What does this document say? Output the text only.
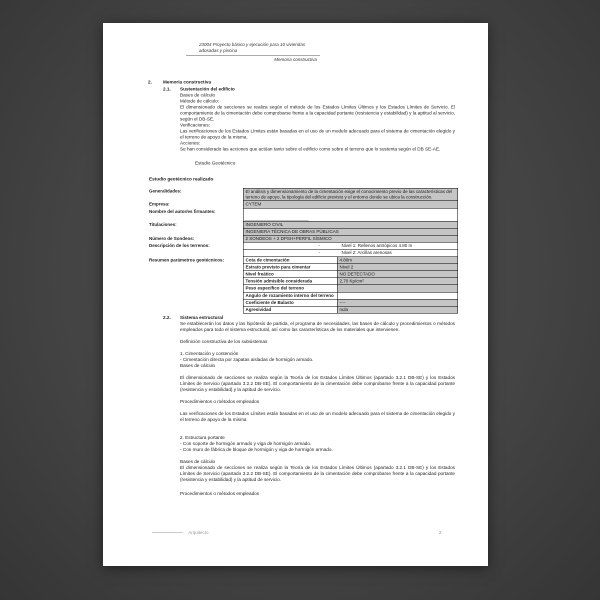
23004 Proyecto básico y ejecución para 10 viviendas adosadas y piscina
Memoria constructiva
2.	Memoria constructiva
2.1. Sustentación del edificio
Bases de cálculo
Método de cálculo:

El dimensionado de secciones se realiza según el método de los Estados Límites Últimos y los Estados Límites de Servicio. El comportamiento de la cimentación debe comprobarse frente a la capacidad portante (resistencia y estabilidad) y la aptitud al servicio, según el DB-SE.

Verificaciones:

Las verificaciones de los Estados Límites están basadas en el uso de un modelo adecuado para el sistema de cimentación elegido y el terreno de apoyo de la misma.

Acciones:

Se han considerado las acciones que actúan tanto sobre el edificio como sobre el terreno que lo sustenta según el DB SE-AE.

Estudio Geotécnico
Estudio geotécnico realizado
Generalidades:	El análisis y dimensionamiento de la cimentación exige el conocimiento previo de las características del terreno de apoyo, la tipología del edificio previsto y el entorno donde se ubica la construcción.
Empresa:	CYTEM
Nombre del autor/es firmantes:
Titulaciones:	INGENIERO CIVIL
INGENIERA TÉCNICA DE OBRAS PÚBLICAS
Número de Sondeos:	2 SONDEOS + 2 DPSH+PERFIL SÍSMICO
Descripción de los terrenos:	-	Nivel 1: Rellenos antrópicos 4.80 m
-	Nivel 2: Arcillas arenosas
Resumen parámetros geotécnicos:	Cota de cimentación	4.80m
Estrato previsto para cimentar	Nivel 2
Nivel freático	NO DETECTADO
Tensión admisible considerada	2,70 Kp/cm²
Peso específico del terreno
Angulo de rozamiento interno del terreno
Coeficiente de Balasto	----
Agresividad	nula
2.2. Sistema estructural

Se establecerán los datos y las hipótesis de partida, el programa de necesidades, las bases de cálculo y procedimientos o métodos empleados para todo el sistema estructural, así como las características de los materiales que intervienen.

Definición constructiva de los subsistemas
1. Cimentación y contención
- Cimentación directa por zapatas aisladas de hormigón armado.
Bases de cálculo

El dimensionado de secciones se realiza según la Teoría de los Estados Límites Últimos (apartado 3.2.1 DB-SE) y los Estados Límites de Servicio (apartado 3.2.2 DB-SE). El comportamiento de la cimentación debe comprobarse frente a la capacidad portante (resistencia y estabilidad) y la aptitud de servicio.

Procedimientos o métodos empleados

Las verificaciones de los Estados Límites están basadas en el uso de un modelo adecuado para el sistema de cimentación elegido y el terreno de apoyo de la misma

2. Estructura portante
- Con soporte de hormigón armado y viga de hormigón armado.
- Con muro de fábrica de bloque de hormigón y viga de hormigón armado.
Bases de cálculo

El dimensionado de secciones se realiza según la Teoría de los Estados Límites Últimos (apartado 3.2.1 DB-SE) y los Estados Límites de Servicio (apartado 3.2.2 DB-SE). El comportamiento de la cimentación debe comprobarse frente a la capacidad portante (resistencia y estabilidad) y la aptitud de servicio.

Procedimientos o métodos empleados
Arquitecto	2
